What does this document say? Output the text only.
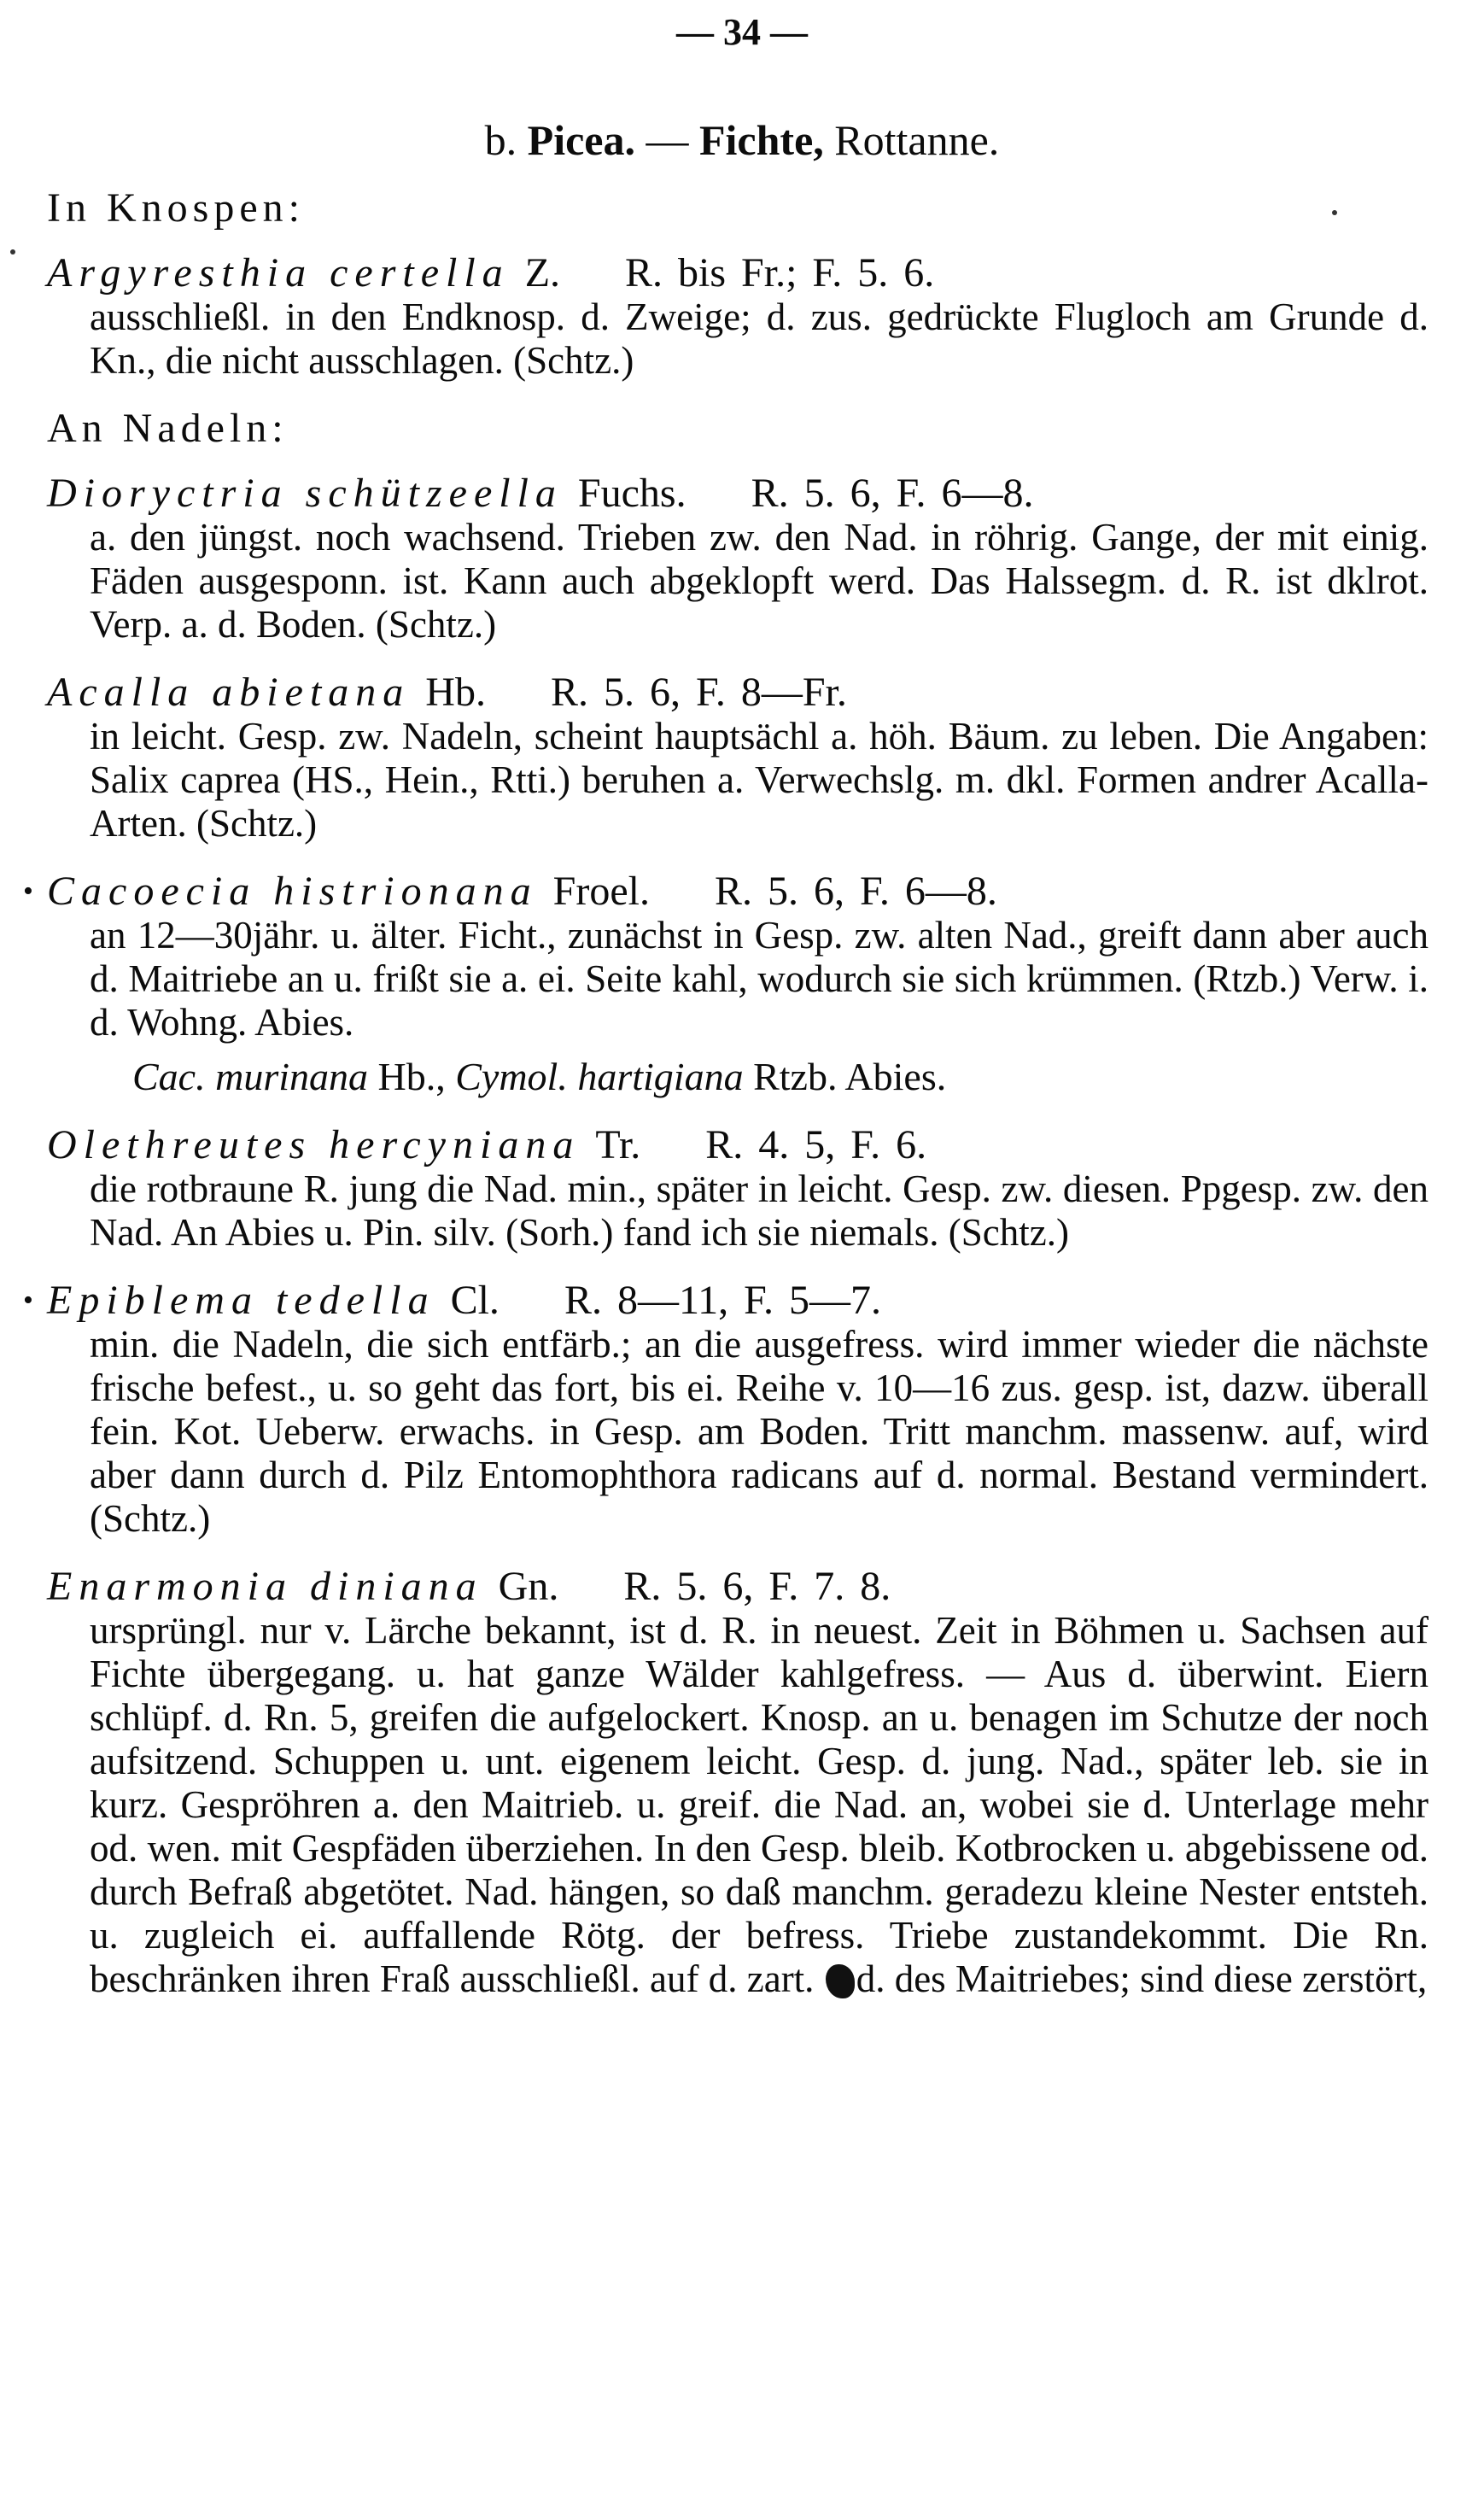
— 34 —

b. Picea. — Fichte, Rottanne.

In Knospen:

Argyresthia certella Z. R. bis Fr.; F. 5. 6.

ausschließl. in den Endknosp. d. Zweige; d. zus. gedrückte Flugloch am Grunde d. Kn., die nicht ausschlagen. (Schtz.)

An Nadeln:

Dioryctria schützeella Fuchs. R. 5. 6, F. 6—8.

a. den jüngst. noch wachsend. Trieben zw. den Nad. in röhrig. Gange, der mit einig. Fäden ausgesponn. ist. Kann auch abgeklopft werd. Das Halssegm. d. R. ist dklrot. Verp. a. d. Boden. (Schtz.)

Acalla abietana Hb. R. 5. 6, F. 8—Fr.

in leicht. Gesp. zw. Nadeln, scheint hauptsächl a. höh. Bäum. zu leben. Die Angaben: Salix caprea (HS., Hein., Rtti.) beruhen a. Verwechslg. m. dkl. Formen andrer Acalla-Arten. (Schtz.)

• Cacoecia histrionana Froel. R. 5. 6, F. 6—8.

an 12—30jähr. u. älter. Ficht., zunächst in Gesp. zw. alten Nad., greift dann aber auch d. Maitriebe an u. frißt sie a. ei. Seite kahl, wodurch sie sich krümmen. (Rtzb.) Verw. i. d. Wohng. Abies.

Cac. murinana Hb., Cymol. hartigiana Rtzb. Abies.

Olethreutes hercyniana Tr. R. 4. 5, F. 6.

die rotbraune R. jung die Nad. min., später in leicht. Gesp. zw. diesen. Ppgesp. zw. den Nad. An Abies u. Pin. silv. (Sorh.) fand ich sie niemals. (Schtz.)

• Epiblema tedella Cl. R. 8—11, F. 5—7.

min. die Nadeln, die sich entfärb.; an die ausgefress. wird immer wieder die nächste frische befest., u. so geht das fort, bis ei. Reihe v. 10—16 zus. gesp. ist, dazw. überall fein. Kot. Ueberw. erwachs. in Gesp. am Boden. Tritt manchm. massenw. auf, wird aber dann durch d. Pilz Entomophthora radicans auf d. normal. Bestand vermindert. (Schtz.)

Enarmonia diniana Gn. R. 5. 6, F. 7. 8.

ursprüngl. nur v. Lärche bekannt, ist d. R. in neuest. Zeit in Böhmen u. Sachsen auf Fichte übergegang. u. hat ganze Wälder kahlgefress. — Aus d. überwint. Eiern schlüpf. d. Rn. 5, greifen die aufgelockert. Knosp. an u. benagen im Schutze der noch aufsitzend. Schuppen u. unt. eigenem leicht. Gesp. d. jung. Nad., später leb. sie in kurz. Gespröhren a. den Maitrieb. u. greif. die Nad. an, wobei sie d. Unterlage mehr od. wen. mit Gespfäden überziehen. In den Gesp. bleib. Kotbrocken u. abgebissene od. durch Befraß abgetötet. Nad. hängen, so daß manchm. geradezu kleine Nester entsteh. u. zugleich ei. auffallende Rötg. der befress. Triebe zustandekommt. Die Rn. beschränken ihren Fraß ausschließl. auf d. zart. d. des Maitriebes; sind diese zerstört,
